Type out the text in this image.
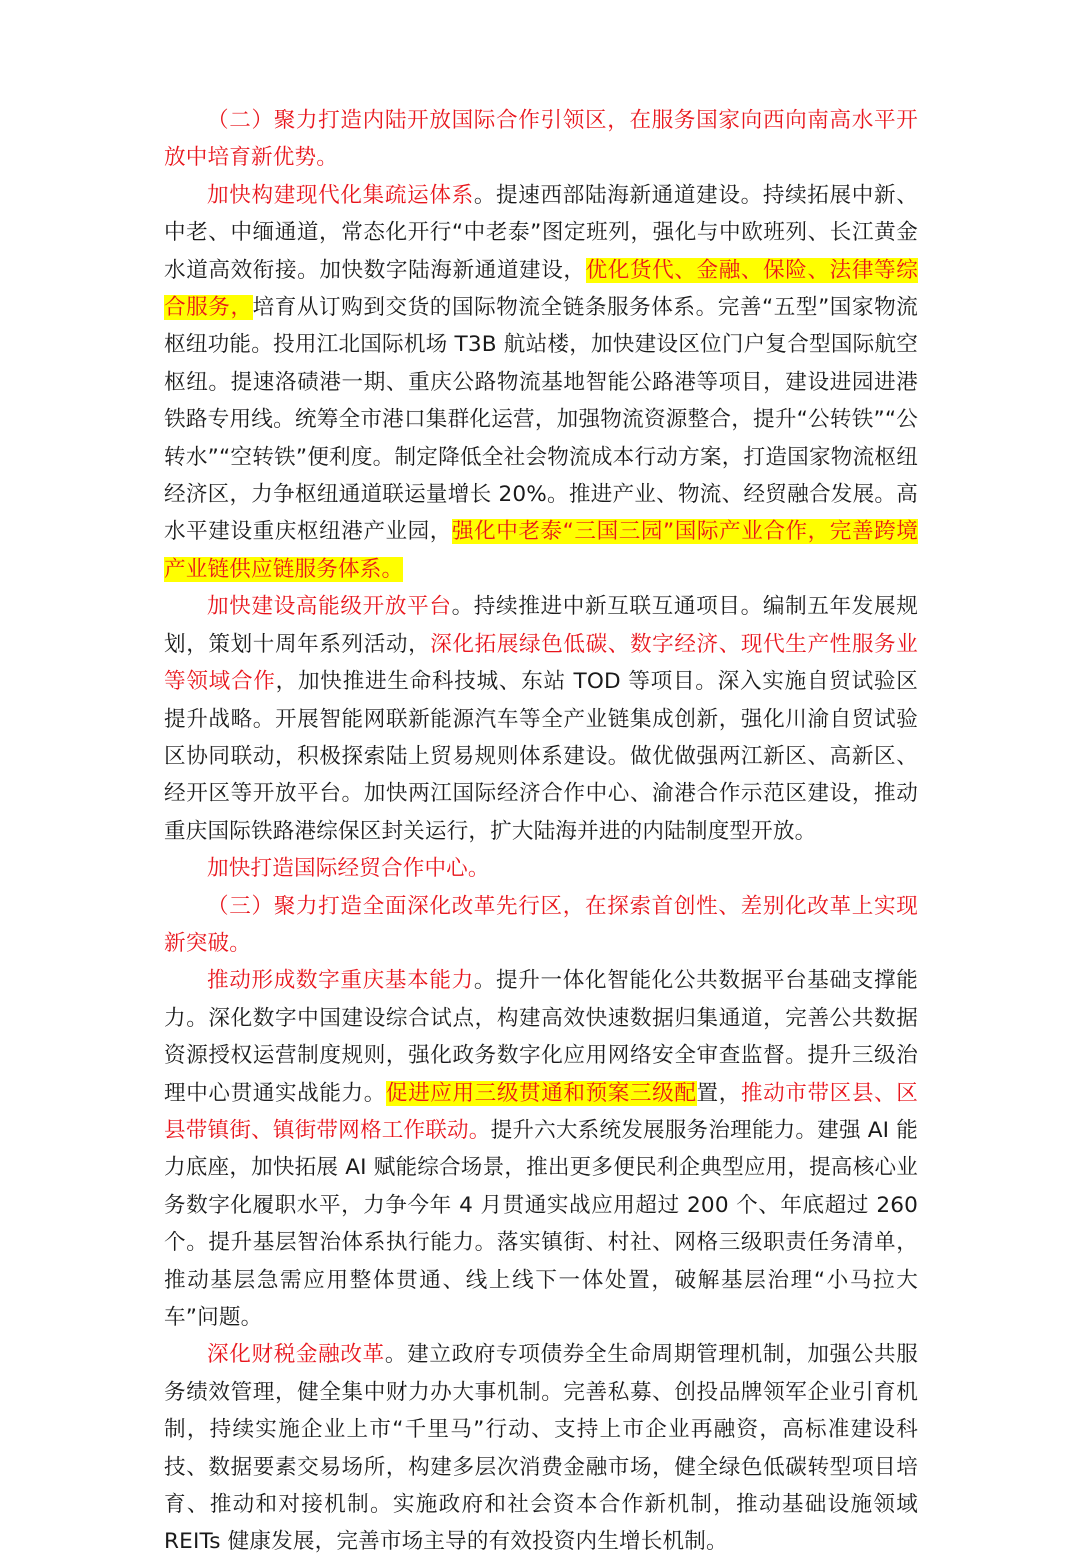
（二）聚力打造内陆开放国际合作引领区，在服务国家向西向南高水平开放中培育新优势。

加快构建现代化集疏运体系。提速西部陆海新通道建设。持续拓展中新、中老、中缅通道，常态化开行“中老泰”图定班列，强化与中欧班列、长江黄金水道高效衔接。加快数字陆海新通道建设，优化货代、金融、保险、法律等综合服务，培育从订购到交货的国际物流全链条服务体系。完善“五型”国家物流枢纽功能。投用江北国际机场 T3B 航站楼，加快建设区位门户复合型国际航空枢纽。提速洛碛港一期、重庆公路物流基地智能公路港等项目，建设进园进港铁路专用线。统筹全市港口集群化运营，加强物流资源整合，提升“公转铁”“公转水”“空转铁”便利度。制定降低全社会物流成本行动方案，打造国家物流枢纽经济区，力争枢纽通道联运量增长 20%。推进产业、物流、经贸融合发展。高水平建设重庆枢纽港产业园，强化中老泰“三国三园”国际产业合作，完善跨境产业链供应链服务体系。

加快建设高能级开放平台。持续推进中新互联互通项目。编制五年发展规划，策划十周年系列活动，深化拓展绿色低碳、数字经济、现代生产性服务业等领域合作，加快推进生命科技城、东站 TOD 等项目。深入实施自贸试验区提升战略。开展智能网联新能源汽车等全产业链集成创新，强化川渝自贸试验区协同联动，积极探索陆上贸易规则体系建设。做优做强两江新区、高新区、经开区等开放平台。加快两江国际经济合作中心、渝港合作示范区建设，推动重庆国际铁路港综保区封关运行，扩大陆海并进的内陆制度型开放。

加快打造国际经贸合作中心。

（三）聚力打造全面深化改革先行区，在探索首创性、差别化改革上实现新突破。

推动形成数字重庆基本能力。提升一体化智能化公共数据平台基础支撑能力。深化数字中国建设综合试点，构建高效快速数据归集通道，完善公共数据资源授权运营制度规则，强化政务数字化应用网络安全审查监督。提升三级治理中心贯通实战能力。促进应用三级贯通和预案三级配置，推动市带区县、区县带镇街、镇街带网格工作联动。提升六大系统发展服务治理能力。建强 AI 能力底座，加快拓展 AI 赋能综合场景，推出更多便民利企典型应用，提高核心业务数字化履职水平，力争今年 4 月贯通实战应用超过 200 个、年底超过 260 个。提升基层智治体系执行能力。落实镇街、村社、网格三级职责任务清单，推动基层急需应用整体贯通、线上线下一体处置，破解基层治理“小马拉大车”问题。

深化财税金融改革。建立政府专项债券全生命周期管理机制，加强公共服务绩效管理，健全集中财力办大事机制。完善私募、创投品牌领军企业引育机制，持续实施企业上市“千里马”行动、支持上市企业再融资，高标准建设科技、数据要素交易场所，构建多层次消费金融市场，健全绿色低碳转型项目培育、推动和对接机制。实施政府和社会资本合作新机制，推动基础设施领域 REITs 健康发展，完善市场主导的有效投资内生增长机制。
